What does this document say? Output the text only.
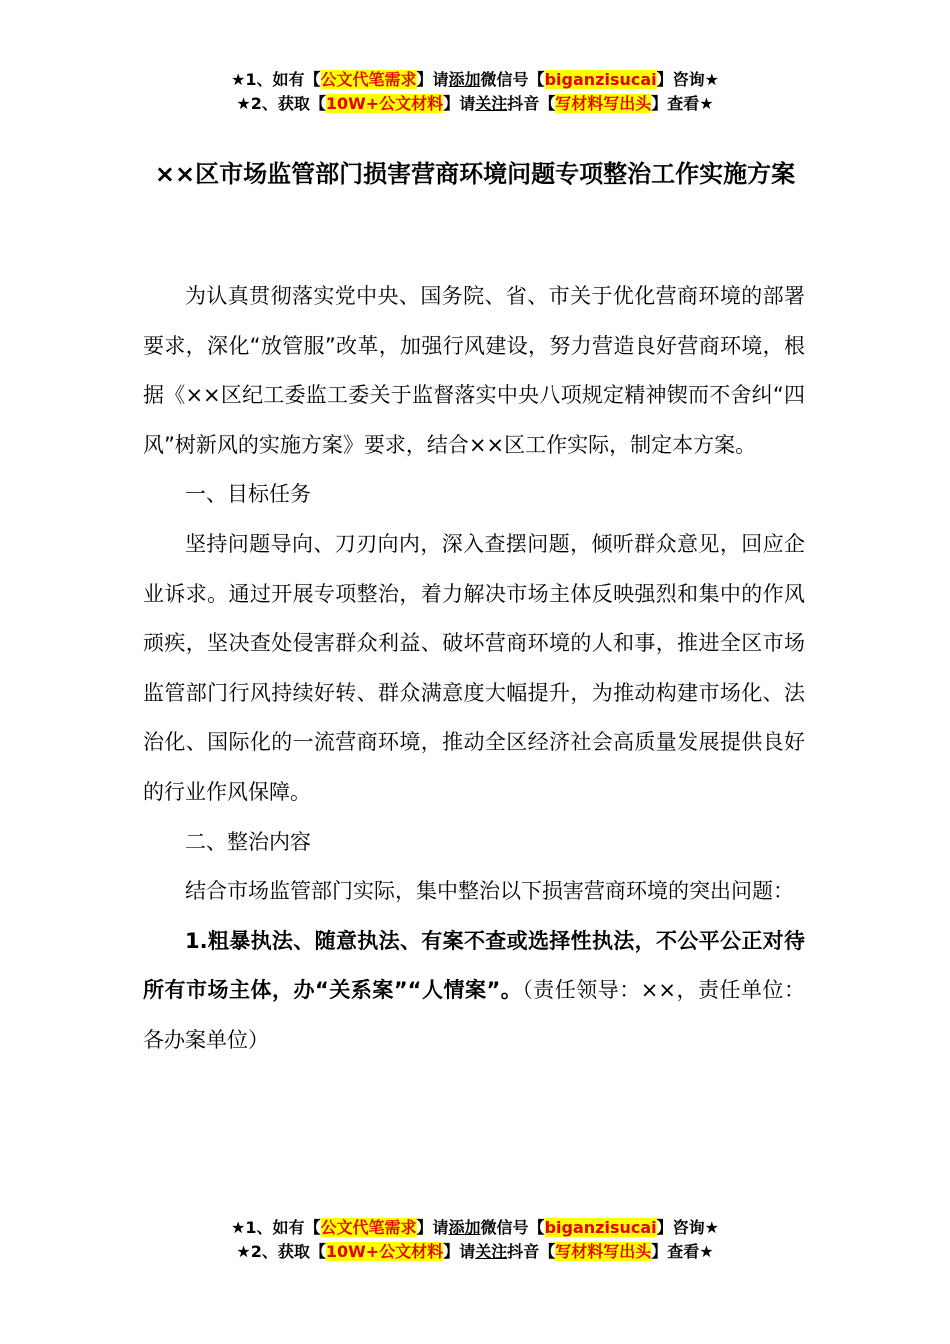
★1、如有【公文代笔需求】请添加微信号【biganzisucai】咨询★
★2、获取【10W+公文材料】请关注抖音【写材料写出头】查看★
××区市场监管部门损害营商环境问题专项整治工作实施方案

为认真贯彻落实党中央、国务院、省、市关于优化营商环境的部署要求，深化“放管服”改革，加强行风建设，努力营造良好营商环境，根据《××区纪工委监工委关于监督落实中央八项规定精神锲而不舍纠“四风”树新风的实施方案》要求，结合××区工作实际，制定本方案。

一、目标任务

坚持问题导向、刀刃向内，深入查摆问题，倾听群众意见，回应企业诉求。通过开展专项整治，着力解决市场主体反映强烈和集中的作风顽疾，坚决查处侵害群众利益、破坏营商环境的人和事，推进全区市场监管部门行风持续好转、群众满意度大幅提升，为推动构建市场化、法治化、国际化的一流营商环境，推动全区经济社会高质量发展提供良好的行业作风保障。

二、整治内容

结合市场监管部门实际，集中整治以下损害营商环境的突出问题：

1.粗暴执法、随意执法、有案不查或选择性执法，不公平公正对待所有市场主体，办“关系案”“人情案”。（责任领导：××，责任单位：各办案单位）

★1、如有【公文代笔需求】请添加微信号【biganzisucai】咨询★
★2、获取【10W+公文材料】请关注抖音【写材料写出头】查看★
